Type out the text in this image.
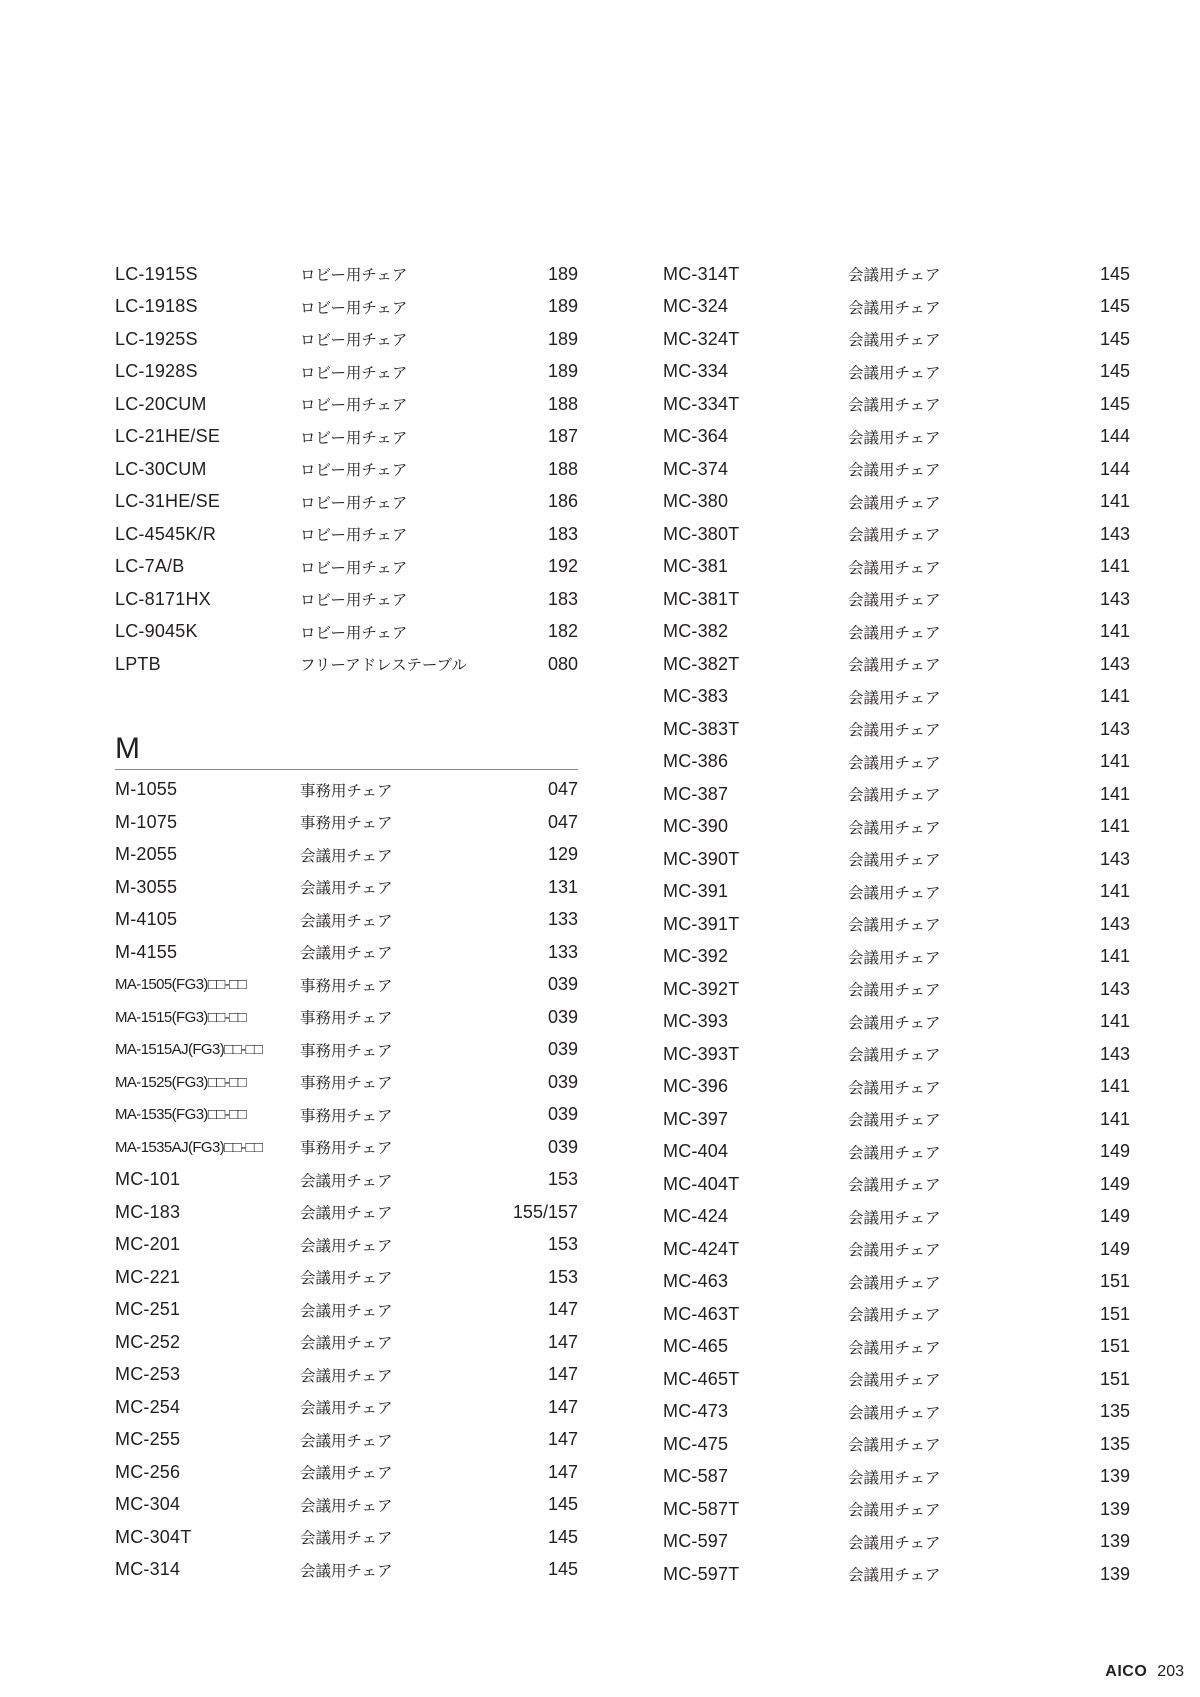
LC-1915S	ロビー用チェア	189
LC-1918S	ロビー用チェア	189
LC-1925S	ロビー用チェア	189
LC-1928S	ロビー用チェア	189
LC-20CUM	ロビー用チェア	188
LC-21HE/SE	ロビー用チェア	187
LC-30CUM	ロビー用チェア	188
LC-31HE/SE	ロビー用チェア	186
LC-4545K/R	ロビー用チェア	183
LC-7A/B	ロビー用チェア	192
LC-8171HX	ロビー用チェア	183
LC-9045K	ロビー用チェア	182
LPTB	フリーアドレステーブル	080
M
M-1055	事務用チェア	047
M-1075	事務用チェア	047
M-2055	会議用チェア	129
M-3055	会議用チェア	131
M-4105	会議用チェア	133
M-4155	会議用チェア	133
MA-1505(FG3)□□-□□	事務用チェア	039
MA-1515(FG3)□□-□□	事務用チェア	039
MA-1515AJ(FG3)□□-□□	事務用チェア	039
MA-1525(FG3)□□-□□	事務用チェア	039
MA-1535(FG3)□□-□□	事務用チェア	039
MA-1535AJ(FG3)□□-□□	事務用チェア	039
MC-101	会議用チェア	153
MC-183	会議用チェア	155/157
MC-201	会議用チェア	153
MC-221	会議用チェア	153
MC-251	会議用チェア	147
MC-252	会議用チェア	147
MC-253	会議用チェア	147
MC-254	会議用チェア	147
MC-255	会議用チェア	147
MC-256	会議用チェア	147
MC-304	会議用チェア	145
MC-304T	会議用チェア	145
MC-314	会議用チェア	145
MC-314T	会議用チェア	145
MC-324	会議用チェア	145
MC-324T	会議用チェア	145
MC-334	会議用チェア	145
MC-334T	会議用チェア	145
MC-364	会議用チェア	144
MC-374	会議用チェア	144
MC-380	会議用チェア	141
MC-380T	会議用チェア	143
MC-381	会議用チェア	141
MC-381T	会議用チェア	143
MC-382	会議用チェア	141
MC-382T	会議用チェア	143
MC-383	会議用チェア	141
MC-383T	会議用チェア	143
MC-386	会議用チェア	141
MC-387	会議用チェア	141
MC-390	会議用チェア	141
MC-390T	会議用チェア	143
MC-391	会議用チェア	141
MC-391T	会議用チェア	143
MC-392	会議用チェア	141
MC-392T	会議用チェア	143
MC-393	会議用チェア	141
MC-393T	会議用チェア	143
MC-396	会議用チェア	141
MC-397	会議用チェア	141
MC-404	会議用チェア	149
MC-404T	会議用チェア	149
MC-424	会議用チェア	149
MC-424T	会議用チェア	149
MC-463	会議用チェア	151
MC-463T	会議用チェア	151
MC-465	会議用チェア	151
MC-465T	会議用チェア	151
MC-473	会議用チェア	135
MC-475	会議用チェア	135
MC-587	会議用チェア	139
MC-587T	会議用チェア	139
MC-597	会議用チェア	139
MC-597T	会議用チェア	139
AICO 203
